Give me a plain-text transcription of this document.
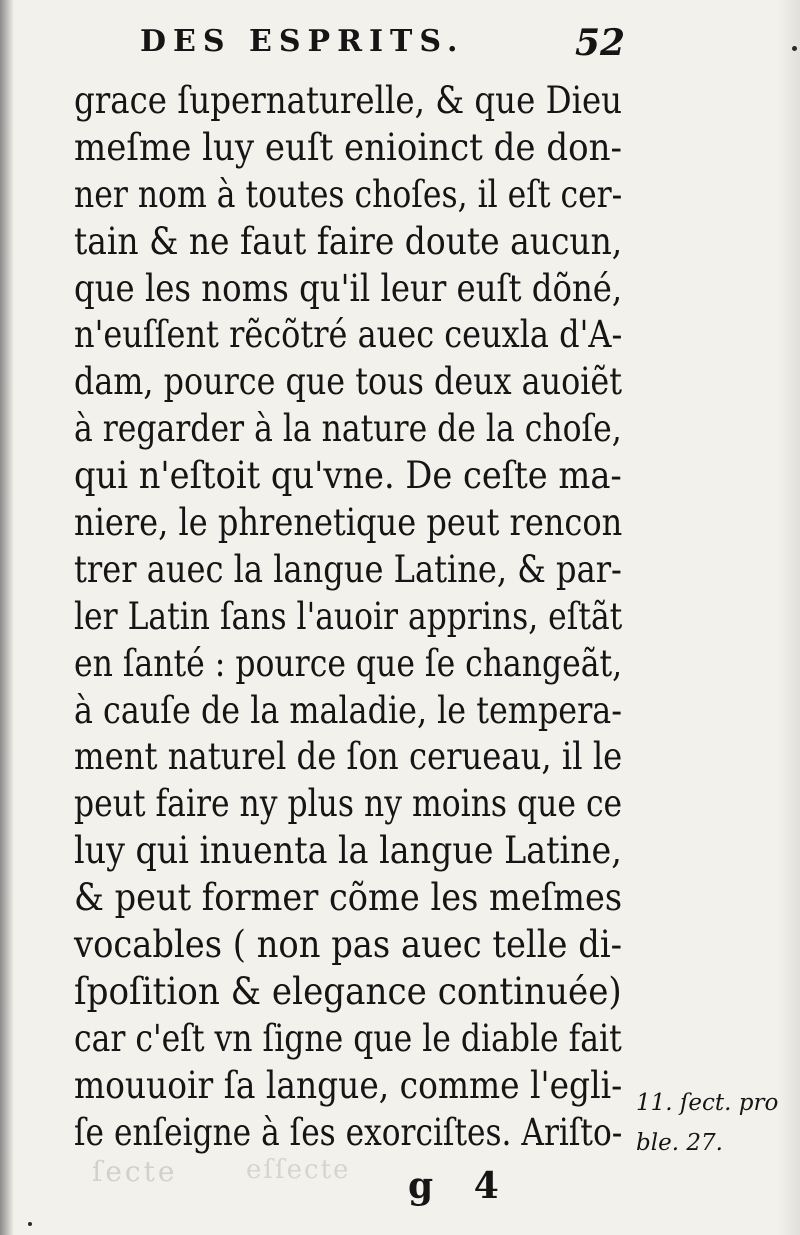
DES ESPRITS.	52
grace ſupernaturelle, & que Dieu
meſme luy euſt enioinct de don-
ner nom à toutes choſes, il eſt cer-
tain & ne faut faire doute aucun,
que les noms qu'il leur euſt dõné,
n'euſſent rẽcõtré auec ceuxla d'A-
dam, pource que tous deux auoiẽt
à regarder à la nature de la choſe,
qui n'eſtoit qu'vne. De ceſte ma-
niere, le phrenetique peut rencon
trer auec la langue Latine, & par-
ler Latin ſans l'auoir apprins, eſtãt
en ſanté : pource que ſe changeãt,
à cauſe de la maladie, le tempera-
ment naturel de ſon cerueau, il le
peut faire ny plus ny moins que ce
luy qui inuenta la langue Latine,
& peut former cõme les meſmes
vocables ( non pas auec telle di-
ſpoſition & elegance continuée)
car c'eſt vn ſigne que le diable fait
mouuoir ſa langue, comme l'egli-
ſe enſeigne à ſes exorciſtes. Ariſto-
11. ſect. pro
ble. 27.
ſecte	eſſecte g 4
